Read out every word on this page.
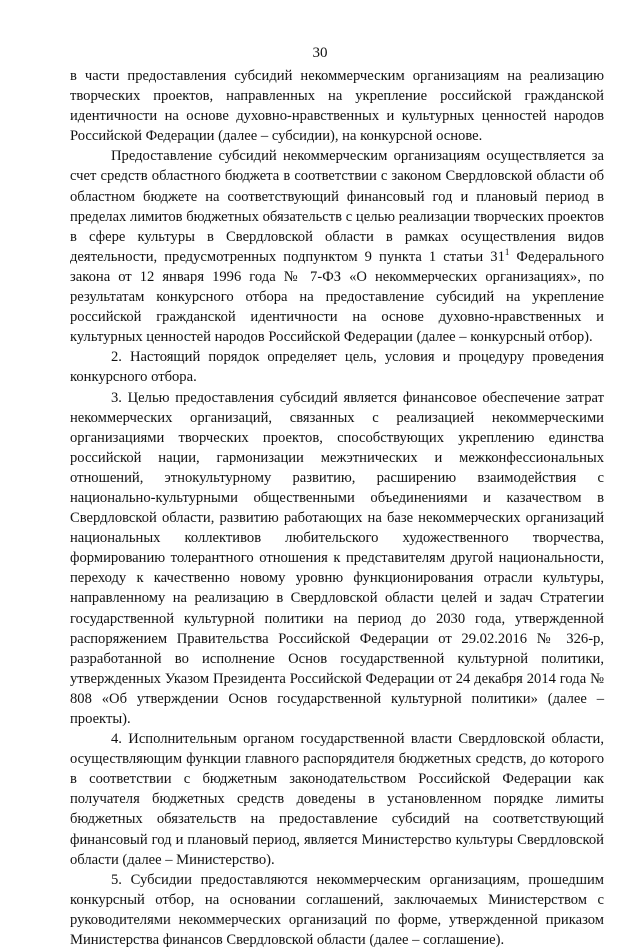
30

в части предоставления субсидий некоммерческим организациям на реализацию творческих проектов, направленных на укрепление российской гражданской идентичности на основе духовно-нравственных и культурных ценностей народов Российской Федерации (далее – субсидии), на конкурсной основе.

Предоставление субсидий некоммерческим организациям осуществляется за счет средств областного бюджета в соответствии с законом Свердловской области об областном бюджете на соответствующий финансовый год и плановый период в пределах лимитов бюджетных обязательств с целью реализации творческих проектов в сфере культуры в Свердловской области в рамках осуществления видов деятельности, предусмотренных подпунктом 9 пункта 1 статьи $31^1$ Федерального закона от 12 января 1996 года № 7-ФЗ «О некоммерческих организациях», по результатам конкурсного отбора на предоставление субсидий на укрепление российской гражданской идентичности на основе духовно-нравственных и культурных ценностей народов Российской Федерации (далее – конкурсный отбор).

2. Настоящий порядок определяет цель, условия и процедуру проведения конкурсного отбора.

3. Целью предоставления субсидий является финансовое обеспечение затрат некоммерческих организаций, связанных с реализацией некоммерческими организациями творческих проектов, способствующих укреплению единства российской нации, гармонизации межэтнических и межконфессиональных отношений, этнокультурному развитию, расширению взаимодействия с национально-культурными общественными объединениями и казачеством в Свердловской области, развитию работающих на базе некоммерческих организаций национальных коллективов любительского художественного творчества, формированию толерантного отношения к представителям другой национальности, переходу к качественно новому уровню функционирования отрасли культуры, направленному на реализацию в Свердловской области целей и задач Стратегии государственной культурной политики на период до 2030 года, утвержденной распоряжением Правительства Российской Федерации от 29.02.2016 № 326-р, разработанной во исполнение Основ государственной культурной политики, утвержденных Указом Президента Российской Федерации от 24 декабря 2014 года № 808 «Об утверждении Основ государственной культурной политики» (далее – проекты).

4. Исполнительным органом государственной власти Свердловской области, осуществляющим функции главного распорядителя бюджетных средств, до которого в соответствии с бюджетным законодательством Российской Федерации как получателя бюджетных средств доведены в установленном порядке лимиты бюджетных обязательств на предоставление субсидий на соответствующий финансовый год и плановый период, является Министерство культуры Свердловской области (далее – Министерство).

5. Субсидии предоставляются некоммерческим организациям, прошедшим конкурсный отбор, на основании соглашений, заключаемых Министерством с руководителями некоммерческих организаций по форме, утвержденной приказом Министерства финансов Свердловской области (далее – соглашение).
